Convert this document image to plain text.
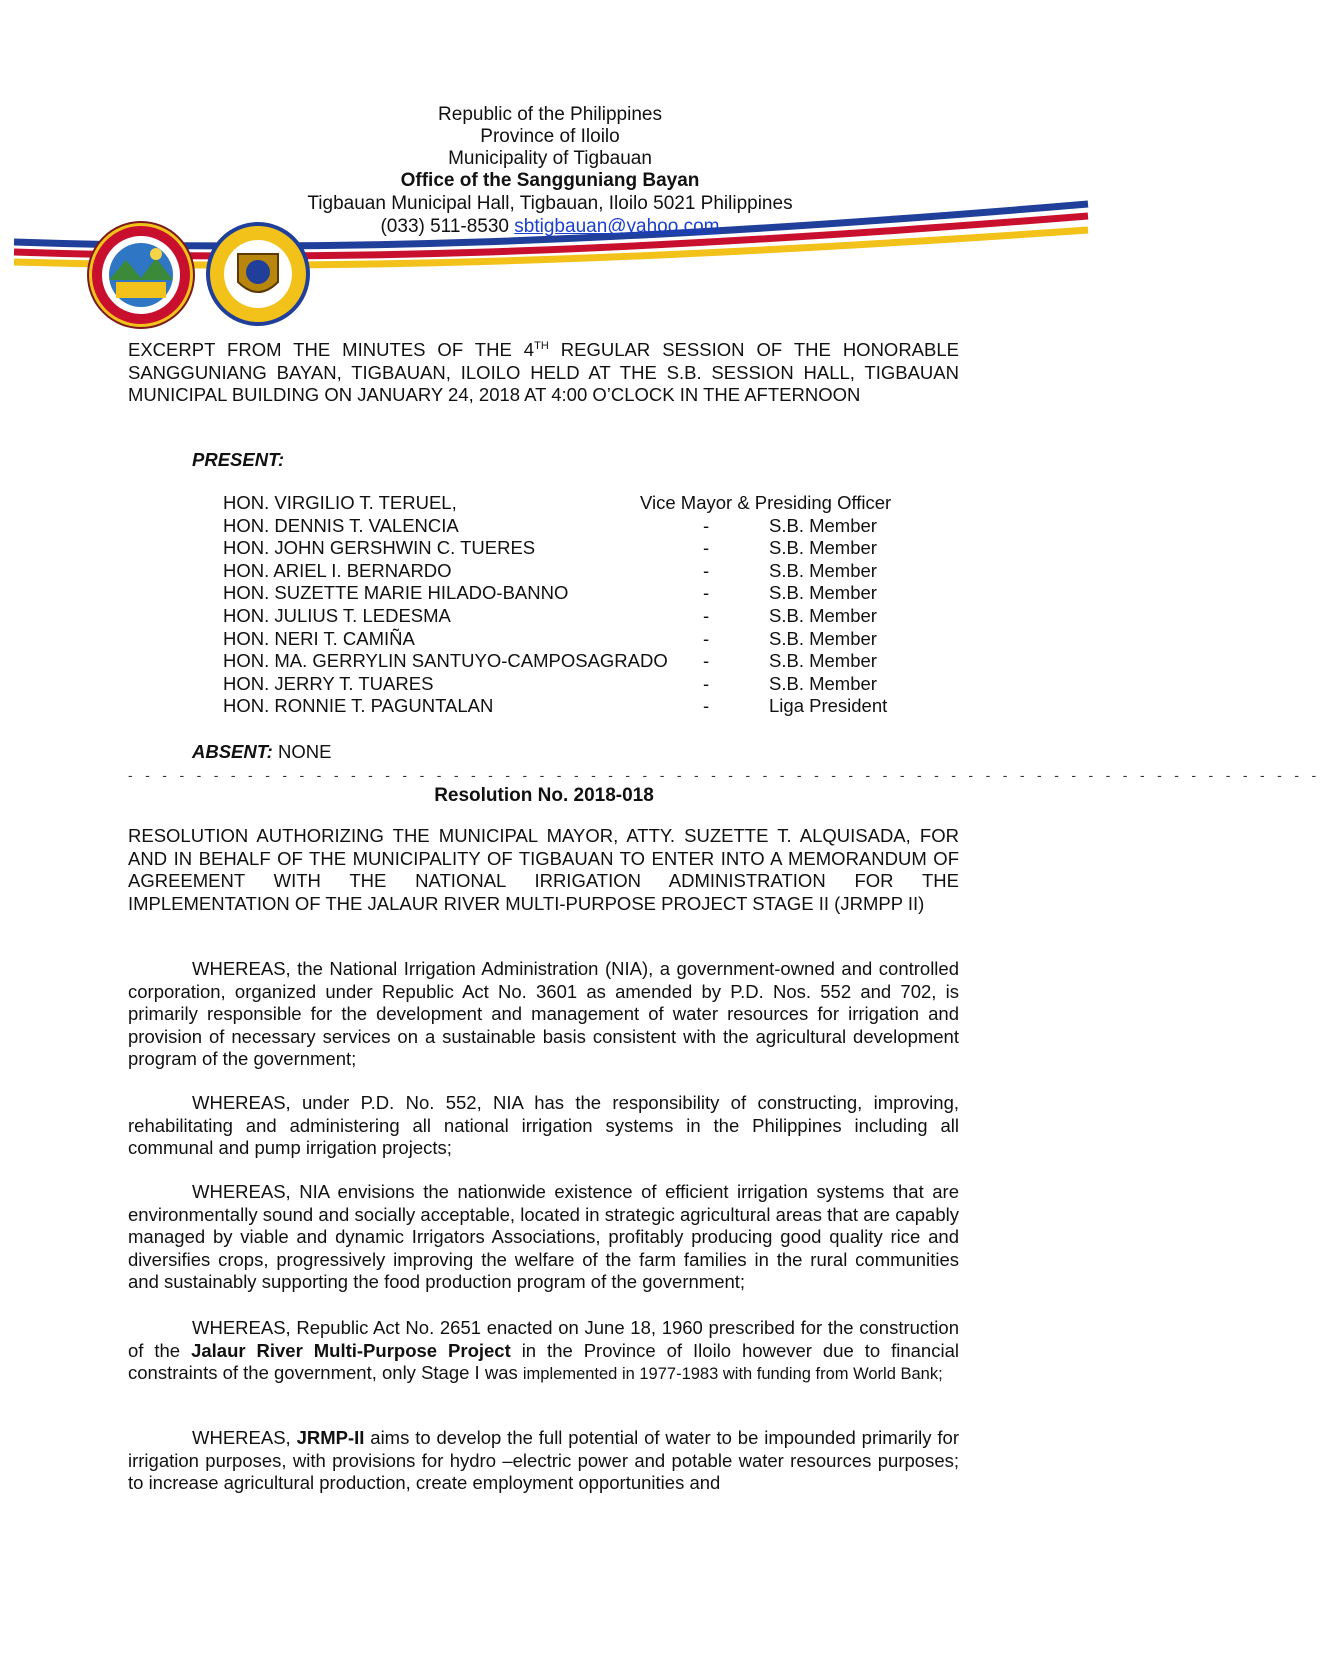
Republic of the Philippines
Province of Iloilo
Municipality of Tigbauan
Office of the Sangguniang Bayan
Tigbauan Municipal Hall, Tigbauan, Iloilo 5021 Philippines
(033) 511-8530 sbtigbauan@yahoo.com
EXCERPT FROM THE MINUTES OF THE 4TH REGULAR SESSION OF THE HONORABLE SANGGUNIANG BAYAN, TIGBAUAN, ILOILO HELD AT THE S.B. SESSION HALL, TIGBAUAN MUNICIPAL BUILDING ON JANUARY 24, 2018 AT 4:00 O’CLOCK IN THE AFTERNOON
PRESENT:
HON. VIRGILIO T. TERUEL,	Vice Mayor & Presiding Officer
HON. DENNIS T. VALENCIA	-	S.B. Member
HON. JOHN GERSHWIN C. TUERES	-	S.B. Member
HON. ARIEL I. BERNARDO	-	S.B. Member
HON. SUZETTE MARIE HILADO-BANNO	-	S.B. Member
HON. JULIUS T. LEDESMA	-	S.B. Member
HON. NERI T. CAMIÑA	-	S.B. Member
HON. MA. GERRYLIN SANTUYO-CAMPOSAGRADO -	S.B. Member
HON. JERRY T. TUARES	-	S.B. Member
HON. RONNIE T. PAGUNTALAN	-	Liga President
ABSENT: NONE
- - - - - - - - - - - - - - - - - - - - - - - - - - - - - - - - - - - - - - - - - - - - - - - - - - - - - - - - - - - - - - - - - - - - - -
Resolution No. 2018-018
RESOLUTION AUTHORIZING THE MUNICIPAL MAYOR, ATTY. SUZETTE T. ALQUISADA, FOR AND IN BEHALF OF THE MUNICIPALITY OF TIGBAUAN TO ENTER INTO A MEMORANDUM OF AGREEMENT WITH THE NATIONAL IRRIGATION ADMINISTRATION FOR THE IMPLEMENTATION OF THE JALAUR RIVER MULTI-PURPOSE PROJECT STAGE II (JRMPP II)
WHEREAS, the National Irrigation Administration (NIA), a government-owned and controlled corporation, organized under Republic Act No. 3601 as amended by P.D. Nos. 552 and 702, is primarily responsible for the development and management of water resources for irrigation and provision of necessary services on a sustainable basis consistent with the agricultural development program of the government;
WHEREAS, under P.D. No. 552, NIA has the responsibility of constructing, improving, rehabilitating and administering all national irrigation systems in the Philippines including all communal and pump irrigation projects;
WHEREAS, NIA envisions the nationwide existence of efficient irrigation systems that are environmentally sound and socially acceptable, located in strategic agricultural areas that are capably managed by viable and dynamic Irrigators Associations, profitably producing good quality rice and diversifies crops, progressively improving the welfare of the farm families in the rural communities and sustainably supporting the food production program of the government;
WHEREAS, Republic Act No. 2651 enacted on June 18, 1960 prescribed for the construction of the Jalaur River Multi-Purpose Project in the Province of Iloilo however due to financial constraints of the government, only Stage I was implemented in 1977-1983 with funding from World Bank;
WHEREAS, JRMP-II aims to develop the full potential of water to be impounded primarily for irrigation purposes, with provisions for hydro –electric power and potable water resources purposes; to increase agricultural production, create employment opportunities and
